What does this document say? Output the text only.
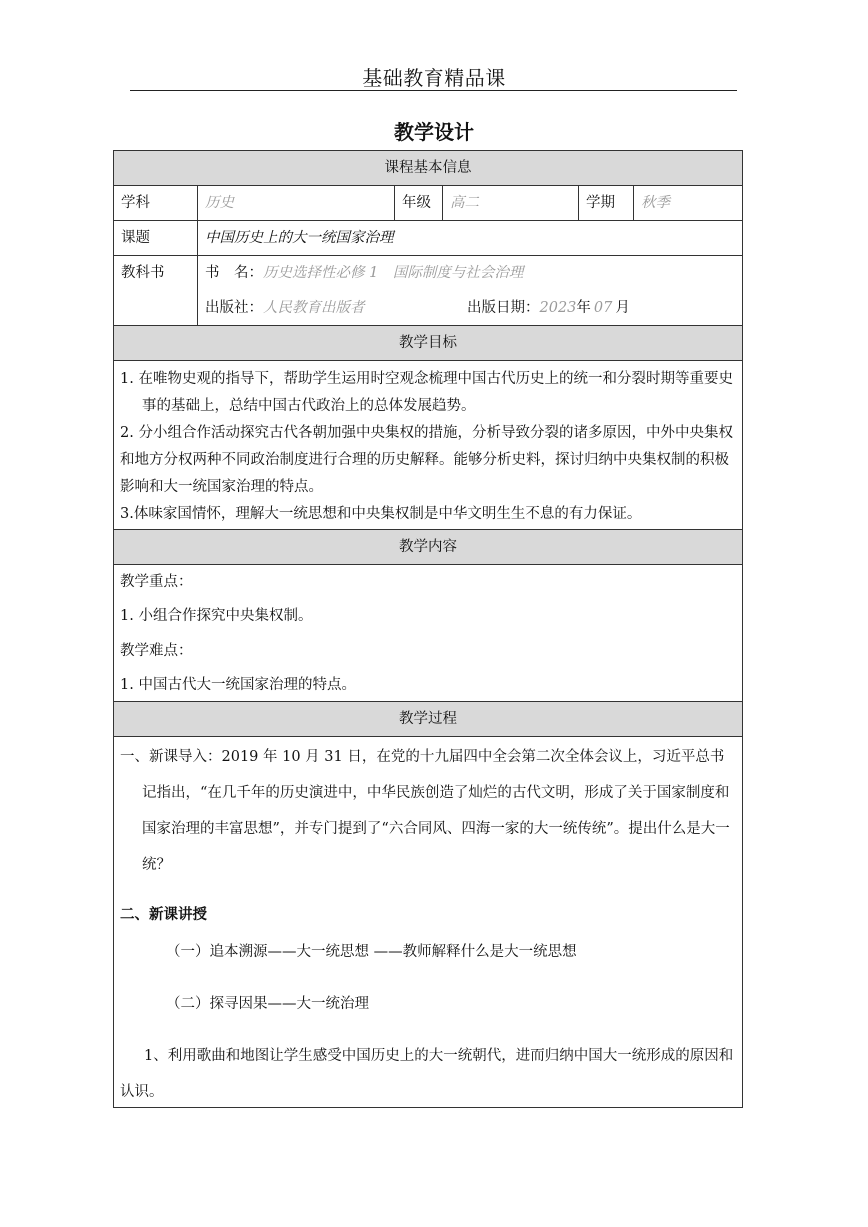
基础教育精品课
教学设计
课程基本信息
学科	历史	年级	高二	学期	秋季
课题	中国历史上的大一统国家治理
教科书	书　名：历史选择性必修 1　国际制度与社会治理
出版社：人民教育出版者	出版日期：2023年 07 月
教学目标
1. 在唯物史观的指导下，帮助学生运用时空观念梳理中国古代历史上的统一和分裂时期等重要史事的基础上，总结中国古代政治上的总体发展趋势。
2. 分小组合作活动探究古代各朝加强中央集权的措施，分析导致分裂的诸多原因，中外中央集权和地方分权两种不同政治制度进行合理的历史解释。能够分析史料，探讨归纳中央集权制的积极影响和大一统国家治理的特点。
3.体味家国情怀，理解大一统思想和中央集权制是中华文明生生不息的有力保证。
教学内容
教学重点：
1. 小组合作探究中央集权制。
教学难点：
1. 中国古代大一统国家治理的特点。
教学过程
一、新课导入：2019 年 10 月 31 日，在党的十九届四中全会第二次全体会议上，习近平总书记指出，“在几千年的历史演进中，中华民族创造了灿烂的古代文明，形成了关于国家制度和国家治理的丰富思想”，并专门提到了“六合同风、四海一家的大一统传统”。提出什么是大一统？
二、新课讲授
（一）追本溯源——大一统思想 ——教师解释什么是大一统思想
（二）探寻因果——大一统治理
1、利用歌曲和地图让学生感受中国历史上的大一统朝代，进而归纳中国大一统形成的原因和认识。
